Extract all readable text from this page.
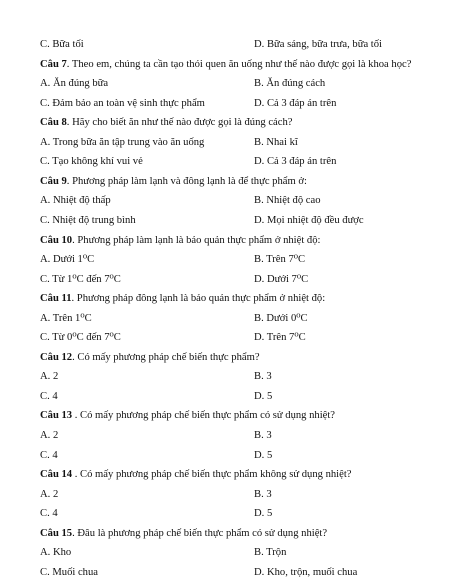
C. Bữa tối	D. Bữa sáng, bữa trưa, bữa tối
Câu 7. Theo em, chúng ta cần tạo thói quen ăn uống như thế nào được gọi là khoa học?
A. Ăn đúng bữa	B. Ăn đúng cách
C. Đảm bảo an toàn vệ sinh thực phẩm	D. Cả 3 đáp án trên
Câu 8. Hãy cho biết ăn như thế nào được gọi là đúng cách?
A. Trong bữa ăn tập trung vào ăn uống	B. Nhai kĩ
C. Tạo không khí vui vẻ	D. Cả 3 đáp án trên
Câu 9. Phương pháp làm lạnh và đông lạnh là để thực phẩm ở:
A. Nhiệt độ thấp	B. Nhiệt độ cao
C. Nhiệt độ trung bình	D. Mọi nhiệt độ đều được
Câu 10. Phương pháp làm lạnh là bảo quản thực phẩm ở nhiệt độ:
A. Dưới 1⁰C	B. Trên 7⁰C
C. Từ 1⁰C đến 7⁰C	D. Dưới 7⁰C
Câu 11. Phương pháp đông lạnh là bảo quản thực phẩm ở nhiệt độ:
A. Trên 1⁰C	B. Dưới 0⁰C
C. Từ 0⁰C đến 7⁰C	D. Trên 7⁰C
Câu 12. Có mấy phương pháp chế biến thực phẩm?
A. 2	B. 3
C. 4	D. 5
Câu 13 . Có mấy phương pháp chế biến thực phẩm có sử dụng nhiệt?
A. 2	B. 3
C. 4	D. 5
Câu 14 . Có mấy phương pháp chế biến thực phẩm không sử dụng nhiệt?
A. 2	B. 3
C. 4	D. 5
Câu 15. Đâu là phương pháp chế biến thực phẩm có sử dụng nhiệt?
A. Kho	B. Trộn
C. Muối chua	D. Kho, trộn, muối chua
